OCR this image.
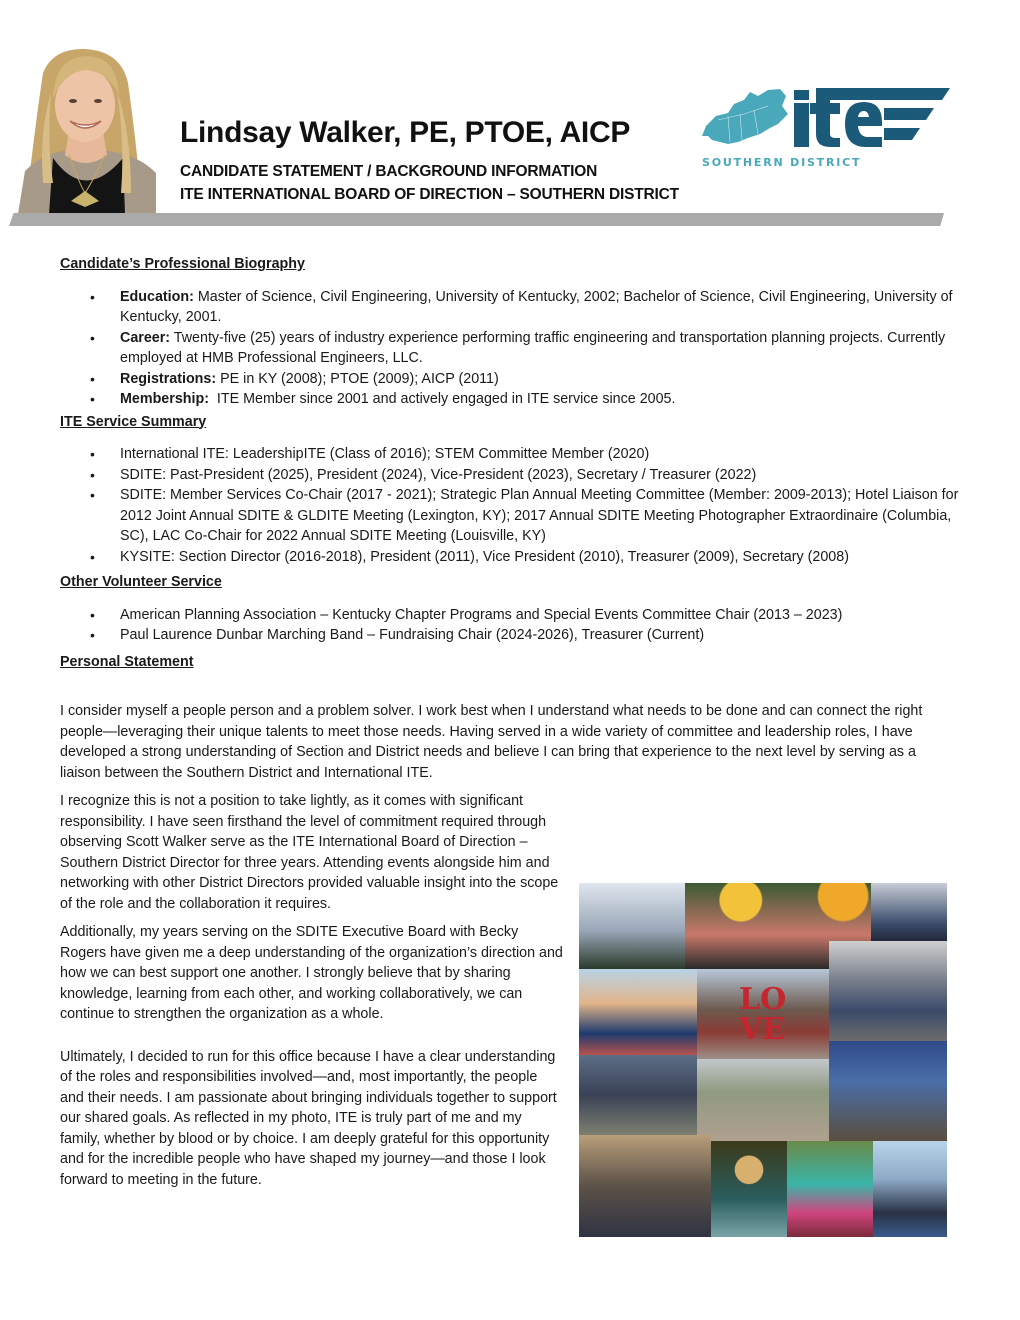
Lindsay Walker, PE, PTOE, AICP
CANDIDATE STATEMENT / BACKGROUND INFORMATION
ITE INTERNATIONAL BOARD OF DIRECTION – SOUTHERN DISTRICT
SOUTHERN DISTRICT
Candidate’s Professional Biography
• Education: Master of Science, Civil Engineering, University of Kentucky, 2002; Bachelor of Science, Civil Engineering, University of Kentucky, 2001.
• Career: Twenty-five (25) years of industry experience performing traffic engineering and transportation planning projects. Currently employed at HMB Professional Engineers, LLC.
• Registrations: PE in KY (2008); PTOE (2009); AICP (2011)
• Membership:  ITE Member since 2001 and actively engaged in ITE service since 2005.
ITE Service Summary
• International ITE: LeadershipITE (Class of 2016); STEM Committee Member (2020)
• SDITE: Past-President (2025), President (2024), Vice-President (2023), Secretary / Treasurer (2022)
• SDITE: Member Services Co-Chair (2017 - 2021); Strategic Plan Annual Meeting Committee (Member: 2009-2013); Hotel Liaison for 2012 Joint Annual SDITE & GLDITE Meeting (Lexington, KY); 2017 Annual SDITE Meeting Photographer Extraordinaire (Columbia, SC), LAC Co-Chair for 2022 Annual SDITE Meeting (Louisville, KY)
• KYSITE: Section Director (2016-2018), President (2011), Vice President (2010), Treasurer (2009), Secretary (2008)
Other Volunteer Service
• American Planning Association – Kentucky Chapter Programs and Special Events Committee Chair (2013 – 2023)
• Paul Laurence Dunbar Marching Band – Fundraising Chair (2024-2026), Treasurer (Current)
Personal Statement

I consider myself a people person and a problem solver. I work best when I understand what needs to be done and can connect the right people—leveraging their unique talents to meet those needs. Having served in a wide variety of committee and leadership roles, I have developed a strong understanding of Section and District needs and believe I can bring that experience to the next level by serving as a liaison between the Southern District and International ITE.

LO
VE

I recognize this is not a position to take lightly, as it comes with significant responsibility. I have seen firsthand the level of commitment required through observing Scott Walker serve as the ITE International Board of Direction – Southern District Director for three years. Attending events alongside him and networking with other District Directors provided valuable insight into the scope of the role and the collaboration it requires.

Additionally, my years serving on the SDITE Executive Board with Becky Rogers have given me a deep understanding of the organization’s direction and how we can best support one another. I strongly believe that by sharing knowledge, learning from each other, and working collaboratively, we can continue to strengthen the organization as a whole.

Ultimately, I decided to run for this office because I have a clear understanding of the roles and responsibilities involved—and, most importantly, the people and their needs. I am passionate about bringing individuals together to support our shared goals. As reflected in my photo, ITE is truly part of me and my family, whether by blood or by choice. I am deeply grateful for this opportunity and for the incredible people who have shaped my journey—and those I look forward to meeting in the future.
